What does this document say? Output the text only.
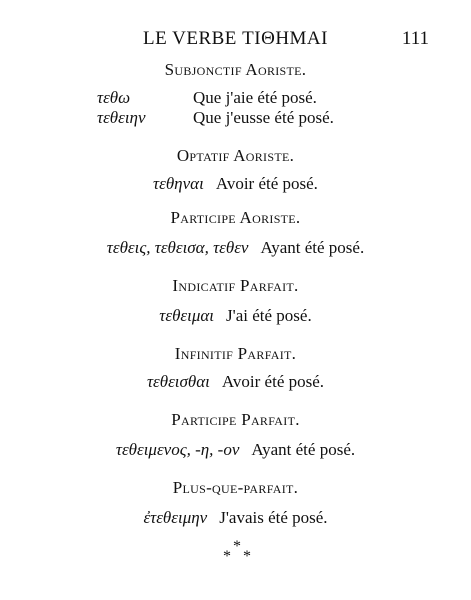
LE VERBE ΤΙΘΗΜΑΙ	111
Subjonctif Aoriste.
τεθω	Que j'aie été posé.
τεθειην	Que j'eusse été posé.
Optatif Aoriste.
τεθηναι Avoir été posé.
Participe Aoriste.
τεθεις, τεθεισα, τεθεν Ayant été posé.
Indicatif Parfait.
τεθειμαι J'ai été posé.
Infinitif Parfait.
τεθεισθαι Avoir été posé.
Participe Parfait.
τεθειμενος, -η, -ον Ayant été posé.
Plus-que-parfait.
ἐτεθειμην J'avais été posé.
*
*
*
